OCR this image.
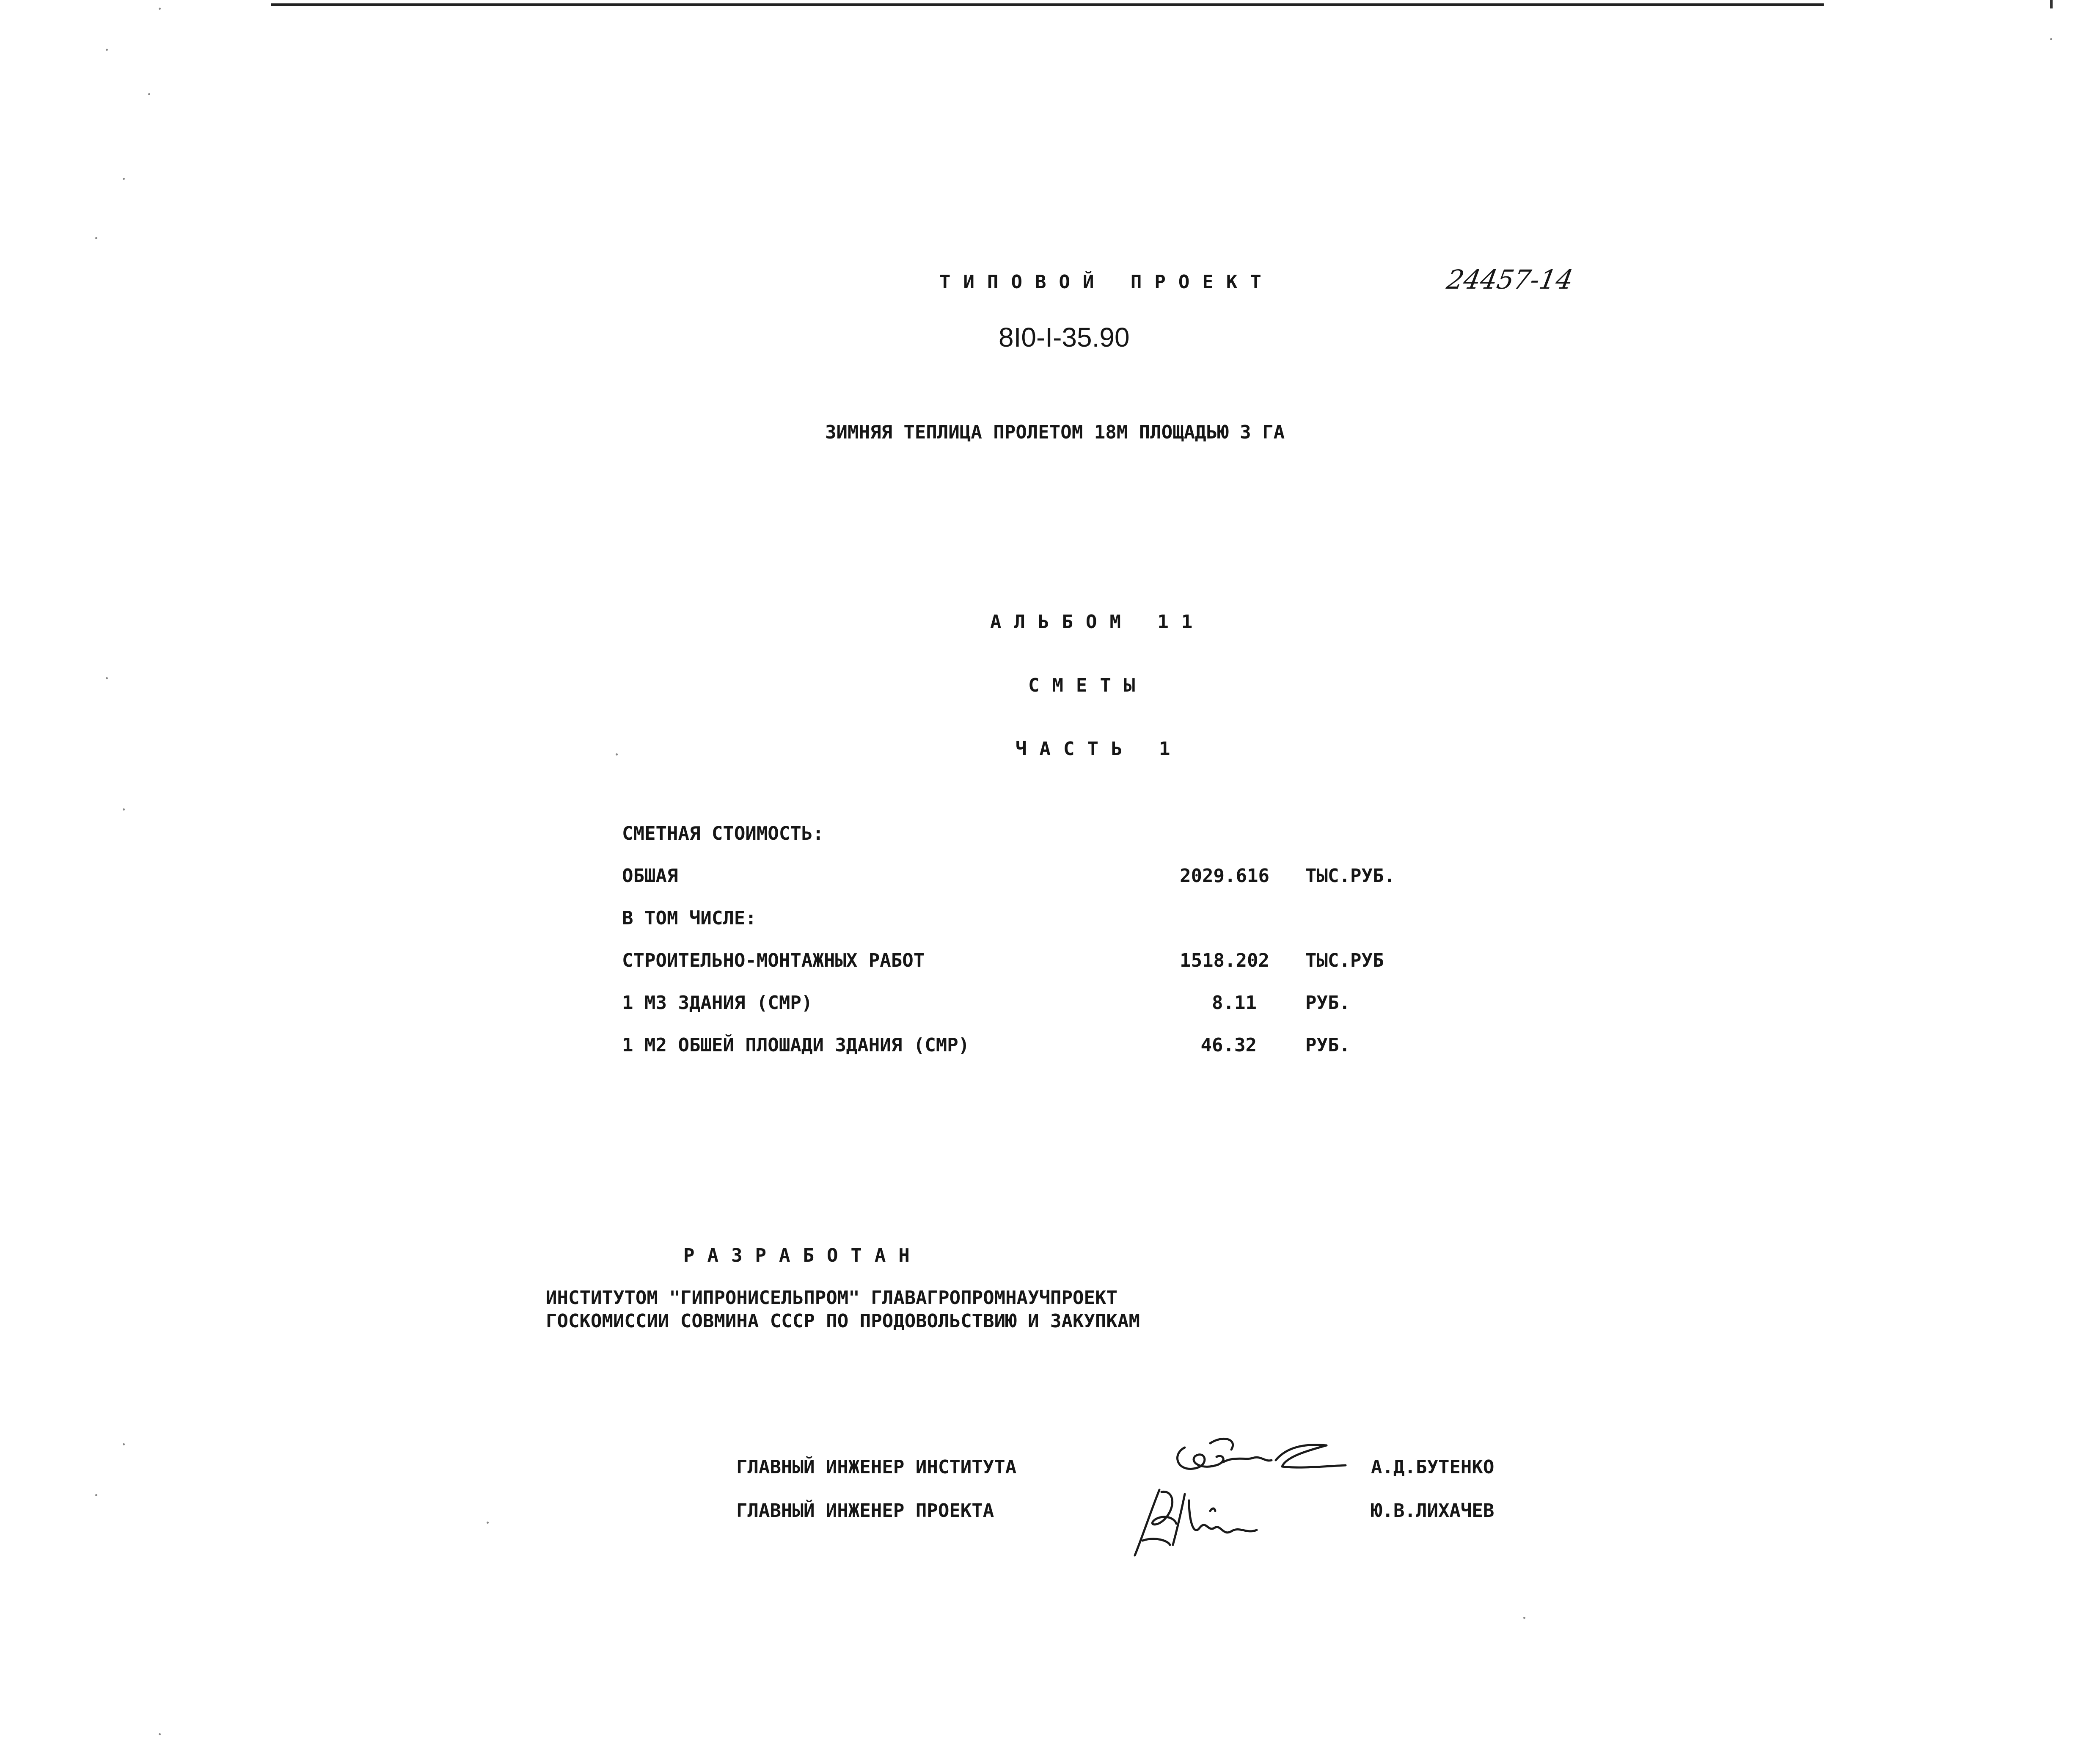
ТИПОВОЙ ПРОЕКТ	24457-14
8I0-I-35.90
ЗИМНЯЯ ТЕПЛИЦА ПРОЛЕТОМ 18М ПЛОЩАДЬЮ 3 ГА
АЛЬБОМ 11
СМЕТЫ
ЧАСТЬ 1
СМЕТНАЯ СТОИМОСТЬ:
ОБШАЯ	2029.616 ТЫС.РУБ.
В ТОМ ЧИСЛЕ:
СТРОИТЕЛЬНО-МОНТАЖНЫХ РАБОТ	1518.202 ТЫС.РУБ
1 М3 ЗДАНИЯ (СМР)	8.11	РУБ.
1 М2 ОБШЕЙ ПЛОШАДИ ЗДАНИЯ (СМР)	46.32	РУБ.
РАЗРАБОТАН
ИНСТИТУТОМ "ГИПРОНИСЕЛЬПРОМ" ГЛАВАГРОПРОМНАУЧПРОЕКТ
ГОСКОМИССИИ СОВМИНА СССР ПО ПРОДОВОЛЬСТВИЮ И ЗАКУПКАМ
ГЛАВНЫЙ ИНЖЕНЕР ИНСТИТУТА	А.Д.БУТЕНКО
ГЛАВНЫЙ ИНЖЕНЕР ПРОЕКТА	Ю.В.ЛИХАЧЕВ
